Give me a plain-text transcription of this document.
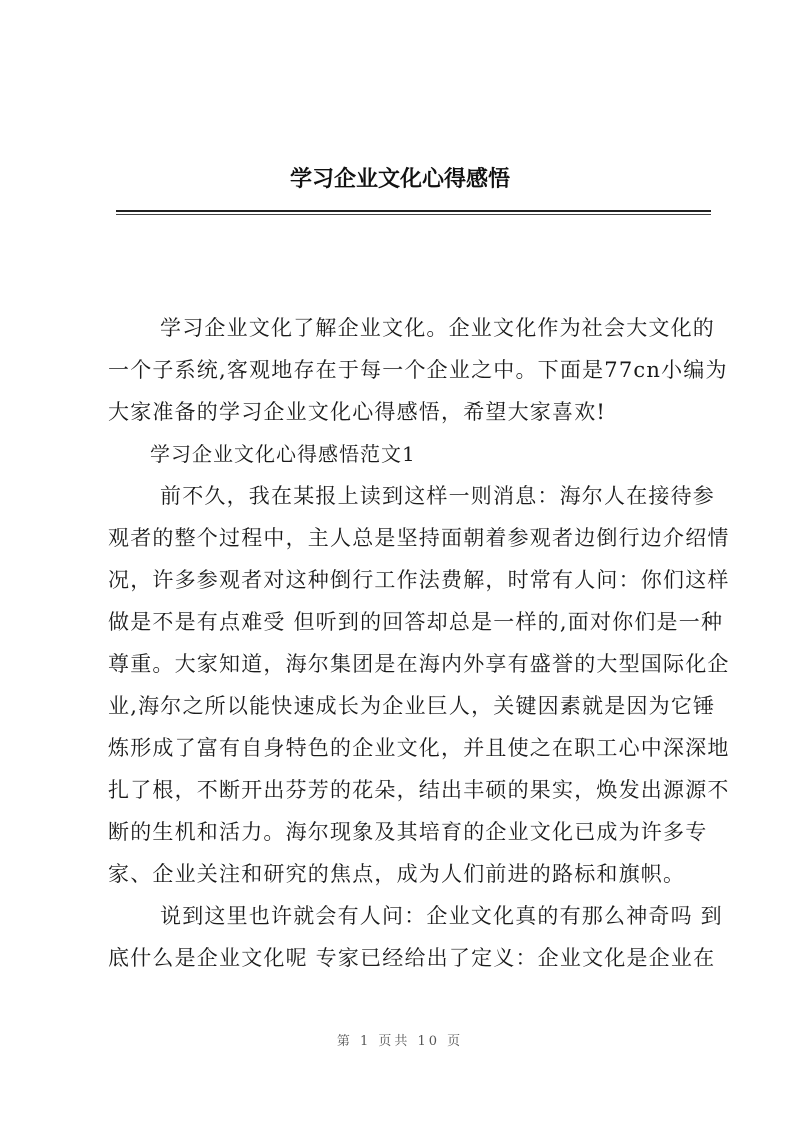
学习企业文化心得感悟
学习企业文化了解企业文化。企业文化作为社会大文化的
一个子系统,客观地存在于每一个企业之中。下面是77cn小编为
大家准备的学习企业文化心得感悟，希望大家喜欢!
学习企业文化心得感悟范文1
前不久，我在某报上读到这样一则消息：海尔人在接待参
观者的整个过程中，主人总是坚持面朝着参观者边倒行边介绍情
况，许多参观者对这种倒行工作法费解，时常有人问：你们这样
做是不是有点难受 但听到的回答却总是一样的,面对你们是一种
尊重。大家知道，海尔集团是在海内外享有盛誉的大型国际化企
业,海尔之所以能快速成长为企业巨人，关键因素就是因为它锤
炼形成了富有自身特色的企业文化，并且使之在职工心中深深地
扎了根，不断开出芬芳的花朵，结出丰硕的果实，焕发出源源不
断的生机和活力。海尔现象及其培育的企业文化已成为许多专
家、企业关注和研究的焦点，成为人们前进的路标和旗帜。
说到这里也许就会有人问：企业文化真的有那么神奇吗 到
底什么是企业文化呢 专家已经给出了定义：企业文化是企业在
第 1 页共 10 页
